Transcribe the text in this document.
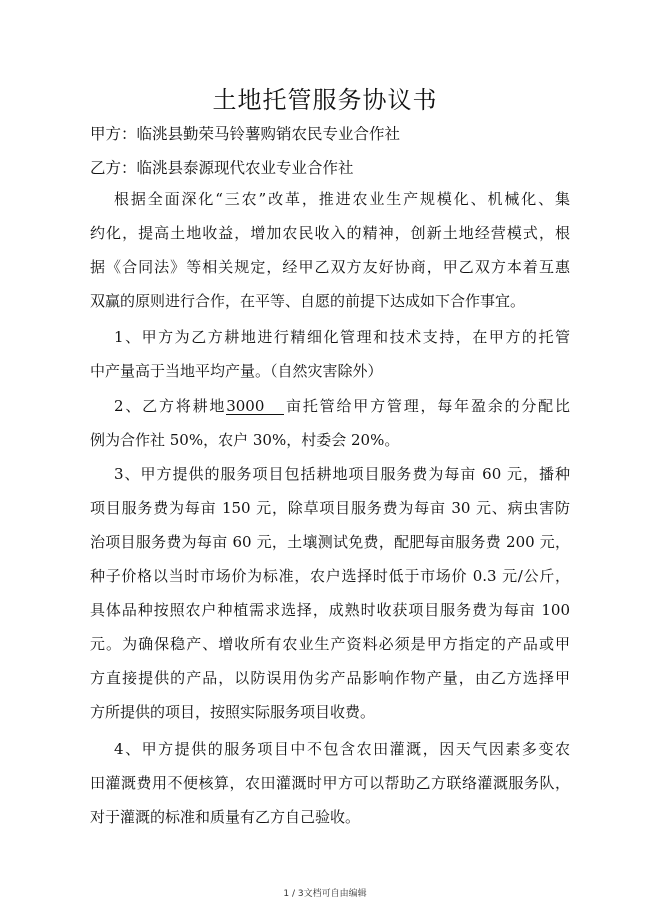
土地托管服务协议书
甲方：临洮县勤荣马铃薯购销农民专业合作社
乙方：临洮县泰源现代农业专业合作社
根据全面深化“三农”改革，推进农业生产规模化、机械化、集
约化，提高土地收益，增加农民收入的精神，创新土地经营模式，根
据《合同法》等相关规定，经甲乙双方友好协商，甲乙双方本着互惠
双赢的原则进行合作，在平等、自愿的前提下达成如下合作事宜。
1、甲方为乙方耕地进行精细化管理和技术支持，在甲方的托管
中产量高于当地平均产量。（自然灾害除外）
2、乙方将耕地3000 亩托管给甲方管理，每年盈余的分配比
例为合作社 50%，农户 30%，村委会 20%。
3、甲方提供的服务项目包括耕地项目服务费为每亩 60 元，播种
项目服务费为每亩 150 元，除草项目服务费为每亩 30 元、病虫害防
治项目服务费为每亩 60 元，土壤测试免费，配肥每亩服务费 200 元，
种子价格以当时市场价为标准，农户选择时低于市场价 0.3 元/公斤，
具体品种按照农户种植需求选择，成熟时收获项目服务费为每亩 100
元。为确保稳产、增收所有农业生产资料必须是甲方指定的产品或甲
方直接提供的产品，以防误用伪劣产品影响作物产量，由乙方选择甲
方所提供的项目，按照实际服务项目收费。
4、甲方提供的服务项目中不包含农田灌溉，因天气因素多变农
田灌溉费用不便核算，农田灌溉时甲方可以帮助乙方联络灌溉服务队，
对于灌溉的标准和质量有乙方自己验收。
1 / 3文档可自由编辑
